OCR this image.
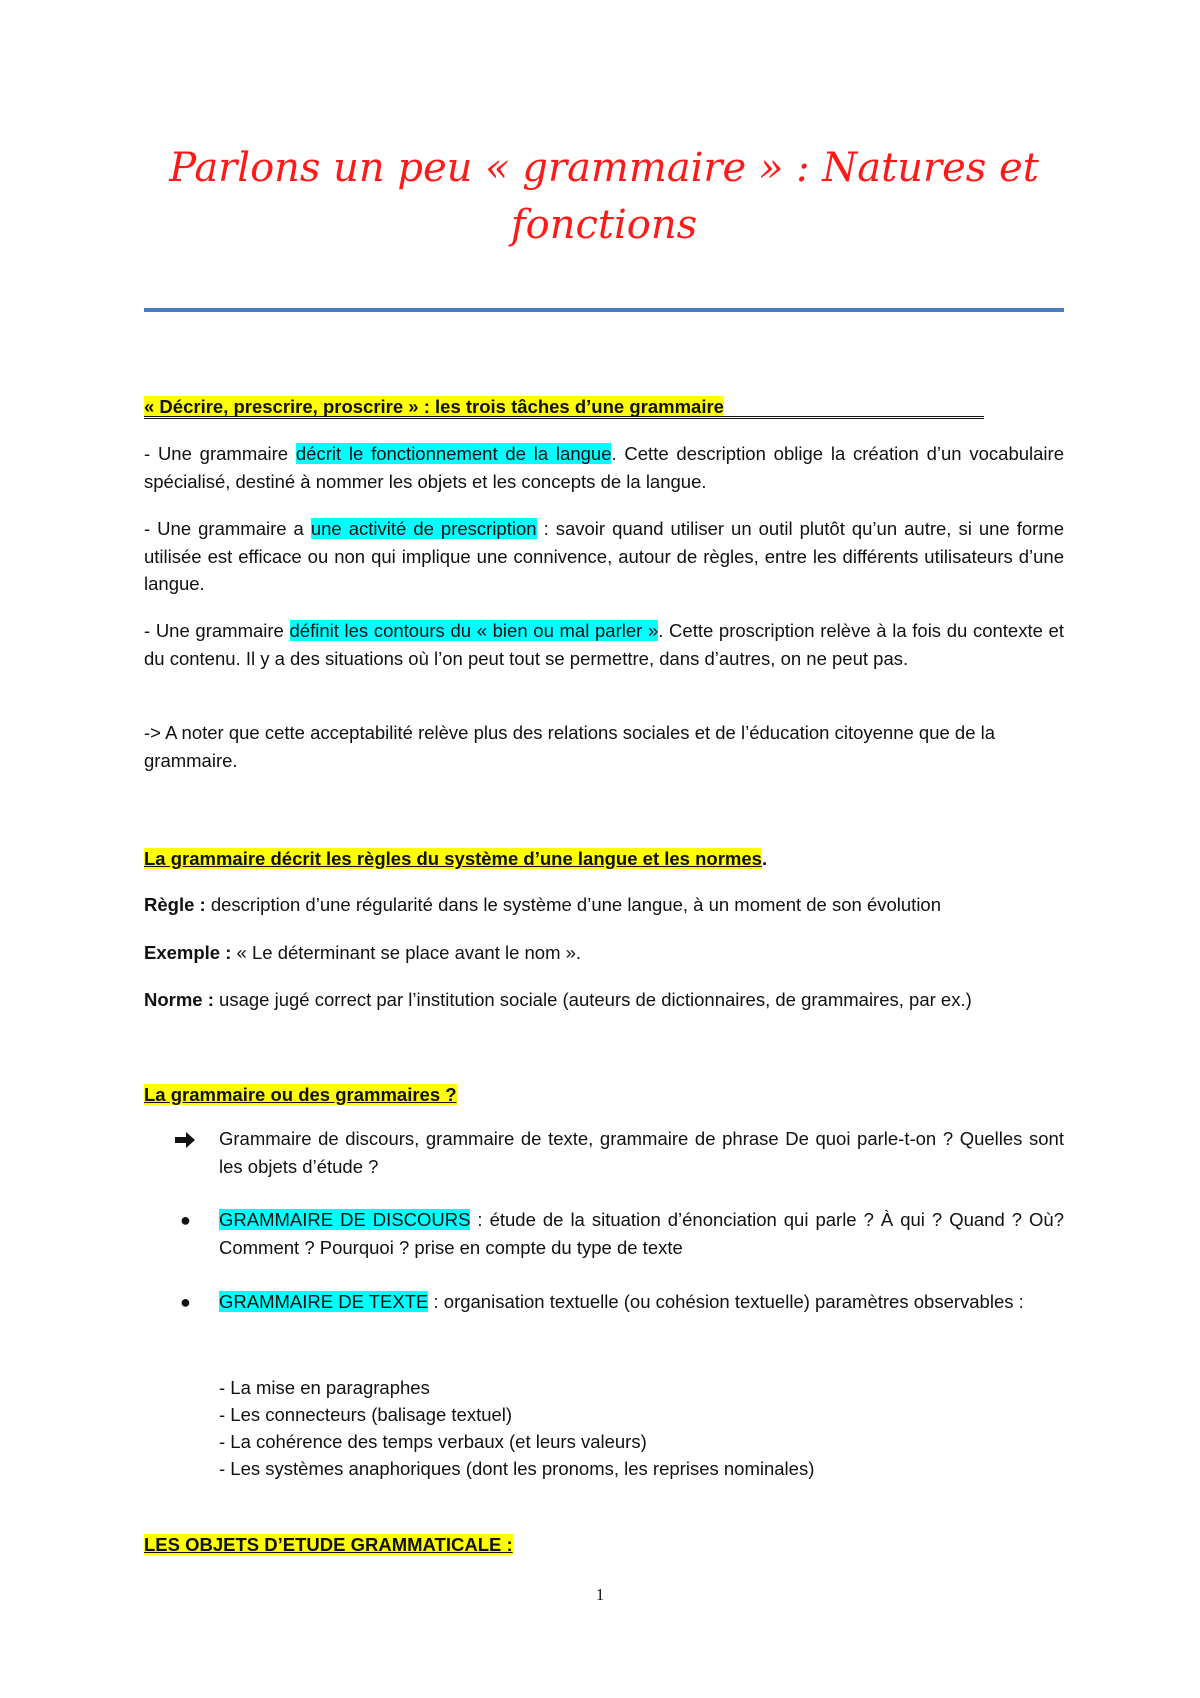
Parlons un peu « grammaire » : Natures et fonctions

« Décrire, prescrire, proscrire » : les trois tâches d’une grammaire

- Une grammaire décrit le fonctionnement de la langue. Cette description oblige la création d’un vocabulaire spécialisé, destiné à nommer les objets et les concepts de la langue.

- Une grammaire a une activité de prescription : savoir quand utiliser un outil plutôt qu’un autre, si une forme utilisée est efficace ou non qui implique une connivence, autour de règles, entre les différents utilisateurs d’une langue.

- Une grammaire définit les contours du « bien ou mal parler ». Cette proscription relève à la fois du contexte et du contenu. Il y a des situations où l’on peut tout se permettre, dans d’autres, on ne peut pas.

-> A noter que cette acceptabilité relève plus des relations sociales et de l’éducation citoyenne que de la grammaire.

La grammaire décrit les règles du système d’une langue et les normes.

Règle : description d’une régularité dans le système d’une langue, à un moment de son évolution

Exemple : « Le déterminant se place avant le nom ».

Norme : usage jugé correct par l’institution sociale (auteurs de dictionnaires, de grammaires, par ex.)

La grammaire ou des grammaires ?

Grammaire de discours, grammaire de texte, grammaire de phrase De quoi parle-t-on ? Quelles sont les objets d’étude ?

● GRAMMAIRE DE DISCOURS : étude de la situation d’énonciation qui parle ? À qui ? Quand ? Où? Comment ? Pourquoi ? prise en compte du type de texte

● GRAMMAIRE DE TEXTE : organisation textuelle (ou cohésion textuelle) paramètres observables :

- La mise en paragraphes
- Les connecteurs (balisage textuel)
- La cohérence des temps verbaux (et leurs valeurs)
- Les systèmes anaphoriques (dont les pronoms, les reprises nominales)

LES OBJETS D’ETUDE GRAMMATICALE :

1
